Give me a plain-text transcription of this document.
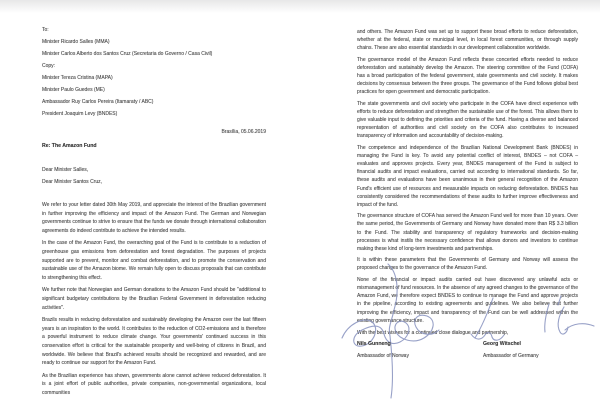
To:
Minister Ricardo Salles (MMA)
Minister Carlos Alberto dos Santos Cruz (Secretaria do Governo / Casa Civil)
Copy:
Minister Tereza Cristina (MAPA)
Minister Paulo Guedes (ME)
Ambassador Ruy Carlos Pereira (Itamaraty / ABC)
President Joaquim Levy (BNDES)
Brasília, 05.06.2019
Re: The Amazon Fund
Dear Minister Salles,
Dear Minister Santos Cruz,
We refer to your letter dated 30th May 2019, and appreciate the interest of the Brazilian government in further improving the efficiency and impact of the Amazon Fund. The German and Norwegian governments continue to strive to ensure that the funds we donate through international collaboration agreements do indeed contribute to achieve the intended results.
In the case of the Amazon Fund, the overarching goal of the Fund is to contribute to a reduction of greenhouse gas emissions from deforestation and forest degradation. The purposes of projects supported are to prevent, monitor and combat deforestation, and to promote the conservation and sustainable use of the Amazon biome. We remain fully open to discuss proposals that can contribute to strengthening this effect.
We further note that Norwegian and German donations to the Amazon Fund should be "additional to significant budgetary contributions by the Brazilian Federal Government in deforestation reducing activities".
Brazils results in reducing deforestation and sustainably developing the Amazon over the last fifteen years is an inspiration to the world. It contributes to the reduction of CO2-emissions and is therefore a powerful instrument to reduce climate change. Your governments' continued success in this conservation effort is critical for the sustainable prosperity and well-being of citizens in Brazil, and worldwide. We believe that Brazil's achieved results should be recognized and rewarded, and are ready to continue our support for the Amazon Fund.
As the Brazilian experience has shown, governments alone cannot achieve reduced deforestation. It is a joint effort of public authorities, private companies, non-governmental organizations, local communities
and others. The Amazon Fund was set up to support these broad efforts to reduce deforestation, whether at the federal, state or municipal level, in local forest communities, or through supply chains. These are also essential standards in our development collaboration worldwide.
The governance model of the Amazon Fund reflects these concerted efforts needed to reduce deforestation and sustainably develop the Amazon. The steering committee of the Fund (COFA) has a broad participation of the federal government, state governments and civil society. It makes decisions by consensus between the three groups. The governance of the Fund follows global best practices for open government and democratic participation.
The state governments and civil society who participate in the COFA have direct experience with efforts to reduce deforestation and strengthen the sustainable use of the forest. This allows them to give valuable input to defining the priorities and criteria of the fund. Having a diverse and balanced representation of authorities and civil society on the COFA also contributes to increased transparency of information and accountability of decision-making.
The competence and independence of the Brazilian National Development Bank (BNDES) in managing the Fund is key. To avoid any potential conflict of interest, BNDES – not COFA – evaluates and approves projects. Every year, BNDES management of the Fund is subject to financial audits and impact evaluations, carried out according to international standards. So far, these audits and evaluations have been unanimous in their general recognition of the Amazon Fund's efficient use of resources and measurable impacts on reducing deforestation. BNDES has consistently considered the recommendations of these audits to further improve effectiveness and impact of the fund.
The governance structure of COFA has served the Amazon Fund well for more than 10 years. Over the same period, the Governments of Germany and Norway have donated more than R$ 3.3 billion to the Fund. The stability and transparency of regulatory frameworks and decision-making processes is what instils the necessary confidence that allows donors and investors to continue making these kind of long-term investments and partnerships.
It is within these parameters that the Governments of Germany and Norway will assess the proposed changes to the governance of the Amazon Fund.
None of the financial or impact audits carried out have discovered any unlawful acts or mismanagement of fund resources. In the absence of any agreed changes to the governance of the Amazon Fund, we therefore expect BNDES to continue to manage the Fund and approve projects in the pipeline, according to existing agreements and guidelines. We also believe that further improving the efficiency, impact and transparency of the Fund can be well addressed within the existing governance structure.
With the best wishes for a continued close dialogue and partnership,
Nils Gunneng
Ambassador of Norway
Georg Witschel
Ambassador of Germany
